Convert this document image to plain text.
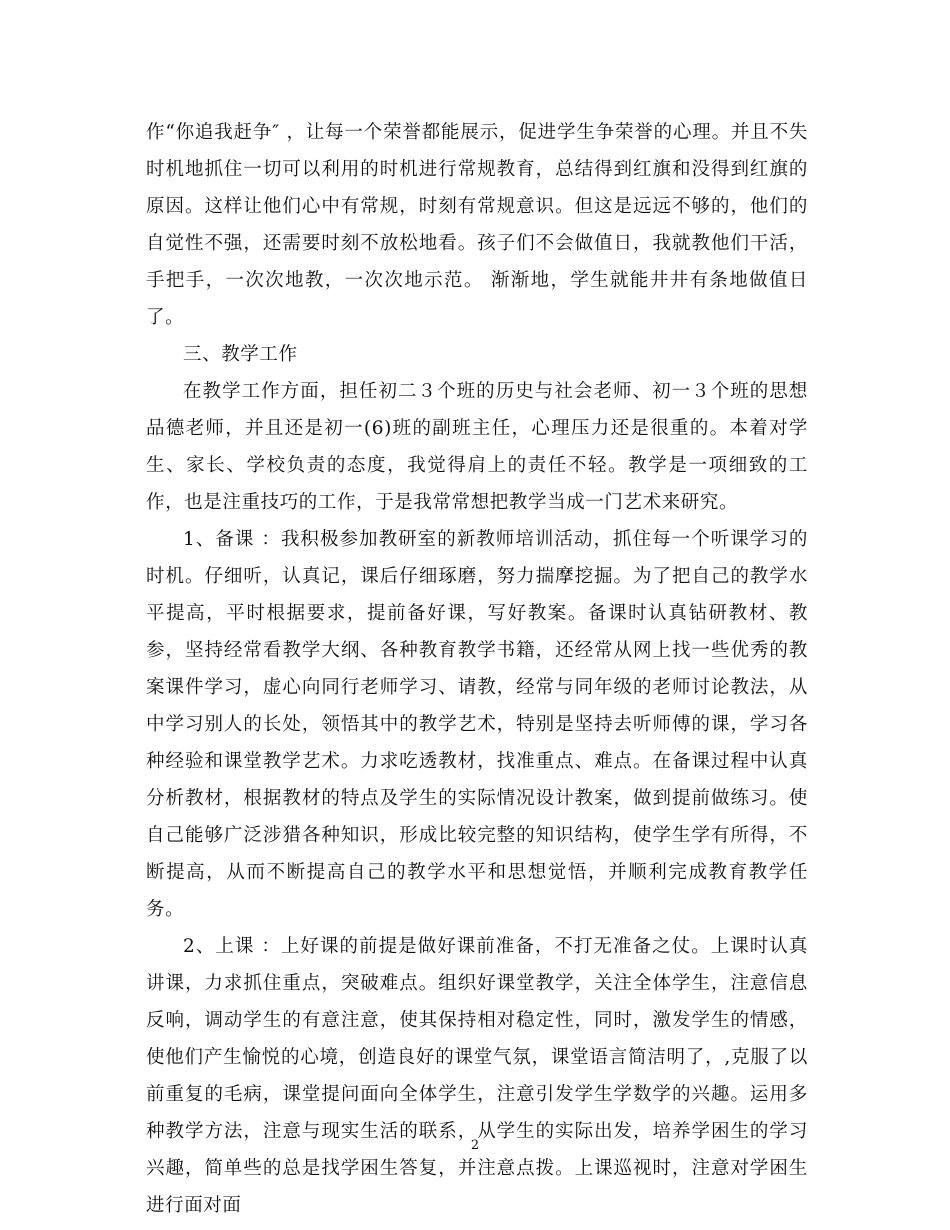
作“你追我赶争″ ，让每一个荣誉都能展示，促进学生争荣誉的心理。并且不失时机地抓住一切可以利用的时机进行常规教育，总结得到红旗和没得到红旗的原因。这样让他们心中有常规，时刻有常规意识。但这是远远不够的，他们的自觉性不强，还需要时刻不放松地看。孩子们不会做值日，我就教他们干活，手把手，一次次地教，一次次地示范。 渐渐地，学生就能井井有条地做值日了。

三、教学工作

在教学工作方面，担任初二３个班的历史与社会老师、初一３个班的思想品德老师，并且还是初一(6)班的副班主任，心理压力还是很重的。本着对学生、家长、学校负责的态度，我觉得肩上的责任不轻。教学是一项细致的工作，也是注重技巧的工作，于是我常常想把教学当成一门艺术来研究。

1、备课 ：我积极参加教研室的新教师培训活动，抓住每一个听课学习的时机。仔细听，认真记，课后仔细琢磨，努力揣摩挖掘。为了把自己的教学水平提高，平时根据要求，提前备好课，写好教案。备课时认真钻研教材、教参，坚持经常看教学大纲、各种教育教学书籍，还经常从网上找一些优秀的教案课件学习，虚心向同行老师学习、请教，经常与同年级的老师讨论教法，从中学习别人的长处，领悟其中的教学艺术，特别是坚持去听师傅的课，学习各种经验和课堂教学艺术。力求吃透教材，找准重点、难点。在备课过程中认真分析教材，根据教材的特点及学生的实际情况设计教案，做到提前做练习。使自己能够广泛涉猎各种知识，形成比较完整的知识结构，使学生学有所得，不断提高，从而不断提高自己的教学水平和思想觉悟，并顺利完成教育教学任务。

2、上课 ：上好课的前提是做好课前准备，不打无准备之仗。上课时认真讲课，力求抓住重点，突破难点。组织好课堂教学，关注全体学生，注意信息反响，调动学生的有意注意，使其保持相对稳定性，同时，激发学生的情感，使他们产生愉悦的心境，创造良好的课堂气氛，课堂语言简洁明了，,克服了以前重复的毛病，课堂提问面向全体学生，注意引发学生学数学的兴趣。运用多种教学方法，注意与现实生活的联系，从学生的实际出发，培养学困生的学习兴趣，简单些的总是找学困生答复，并注意点拨。上课巡视时，注意对学困生进行面对面

2
